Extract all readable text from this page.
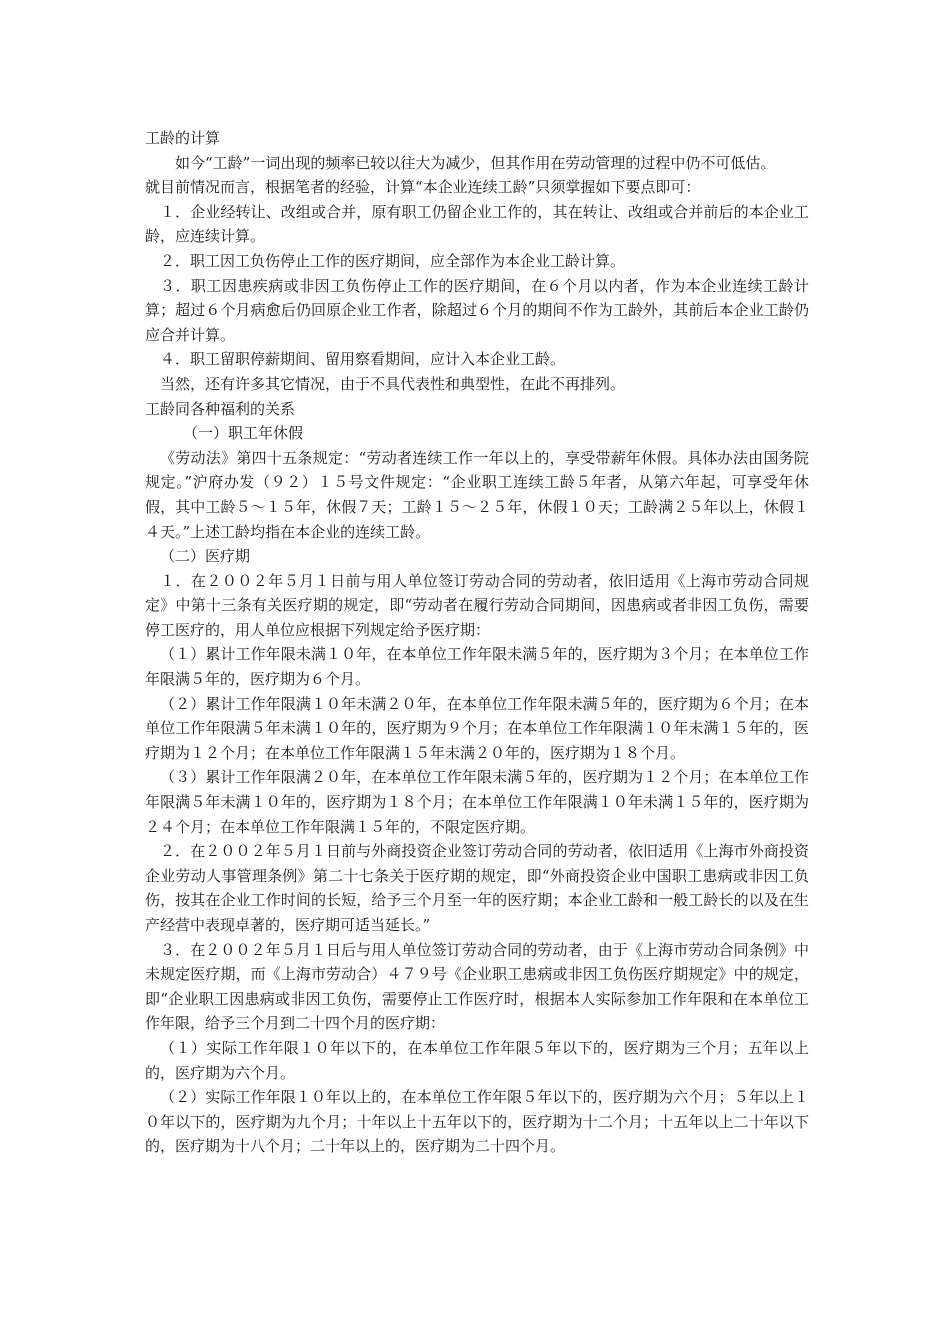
工龄的计算

如今“工龄”一词出现的频率已较以往大为减少，但其作用在劳动管理的过程中仍不可低估。

就目前情况而言，根据笔者的经验，计算“本企业连续工龄”只须掌握如下要点即可：

１．企业经转让、改组或合并，原有职工仍留企业工作的，其在转让、改组或合并前后的本企业工龄，应连续计算。

２．职工因工负伤停止工作的医疗期间，应全部作为本企业工龄计算。

３．职工因患疾病或非因工负伤停止工作的医疗期间，在６个月以内者，作为本企业连续工龄计算；超过６个月病愈后仍回原企业工作者，除超过６个月的期间不作为工龄外，其前后本企业工龄仍应合并计算。

４．职工留职停薪期间、留用察看期间，应计入本企业工龄。

当然，还有许多其它情况，由于不具代表性和典型性，在此不再排列。

工龄同各种福利的关系

（一）职工年休假

《劳动法》第四十五条规定：“劳动者连续工作一年以上的，享受带薪年休假。具体办法由国务院规定。”沪府办发（９２）１５号文件规定：“企业职工连续工龄５年者，从第六年起，可享受年休假，其中工龄５～１５年，休假７天；工龄１５～２５年，休假１０天；工龄满２５年以上，休假１４天。”上述工龄均指在本企业的连续工龄。

（二）医疗期

１．在２００２年５月１日前与用人单位签订劳动合同的劳动者，依旧适用《上海市劳动合同规定》中第十三条有关医疗期的规定，即“劳动者在履行劳动合同期间，因患病或者非因工负伤，需要停工医疗的，用人单位应根据下列规定给予医疗期：

（１）累计工作年限未满１０年，在本单位工作年限未满５年的，医疗期为３个月；在本单位工作年限满５年的，医疗期为６个月。

（２）累计工作年限满１０年未满２０年，在本单位工作年限未满５年的，医疗期为６个月；在本单位工作年限满５年未满１０年的，医疗期为９个月；在本单位工作年限满１０年未满１５年的，医疗期为１２个月；在本单位工作年限满１５年未满２０年的，医疗期为１８个月。

（３）累计工作年限满２０年，在本单位工作年限未满５年的，医疗期为１２个月；在本单位工作年限满５年未满１０年的，医疗期为１８个月；在本单位工作年限满１０年未满１５年的，医疗期为２４个月；在本单位工作年限满１５年的，不限定医疗期。

２．在２００２年５月１日前与外商投资企业签订劳动合同的劳动者，依旧适用《上海市外商投资企业劳动人事管理条例》第二十七条关于医疗期的规定，即“外商投资企业中国职工患病或非因工负伤，按其在企业工作时间的长短，给予三个月至一年的医疗期；本企业工龄和一般工龄长的以及在生产经营中表现卓著的，医疗期可适当延长。”

３．在２００２年５月１日后与用人单位签订劳动合同的劳动者，由于《上海市劳动合同条例》中未规定医疗期，而《上海市劳动合）４７９号《企业职工患病或非因工负伤医疗期规定》中的规定，即“企业职工因患病或非因工负伤，需要停止工作医疗时，根据本人实际参加工作年限和在本单位工作年限，给予三个月到二十四个月的医疗期：

（１）实际工作年限１０年以下的，在本单位工作年限５年以下的，医疗期为三个月；五年以上的，医疗期为六个月。

（２）实际工作年限１０年以上的，在本单位工作年限５年以下的，医疗期为六个月；５年以上１０年以下的，医疗期为九个月；十年以上十五年以下的，医疗期为十二个月；十五年以上二十年以下的，医疗期为十八个月；二十年以上的，医疗期为二十四个月。
